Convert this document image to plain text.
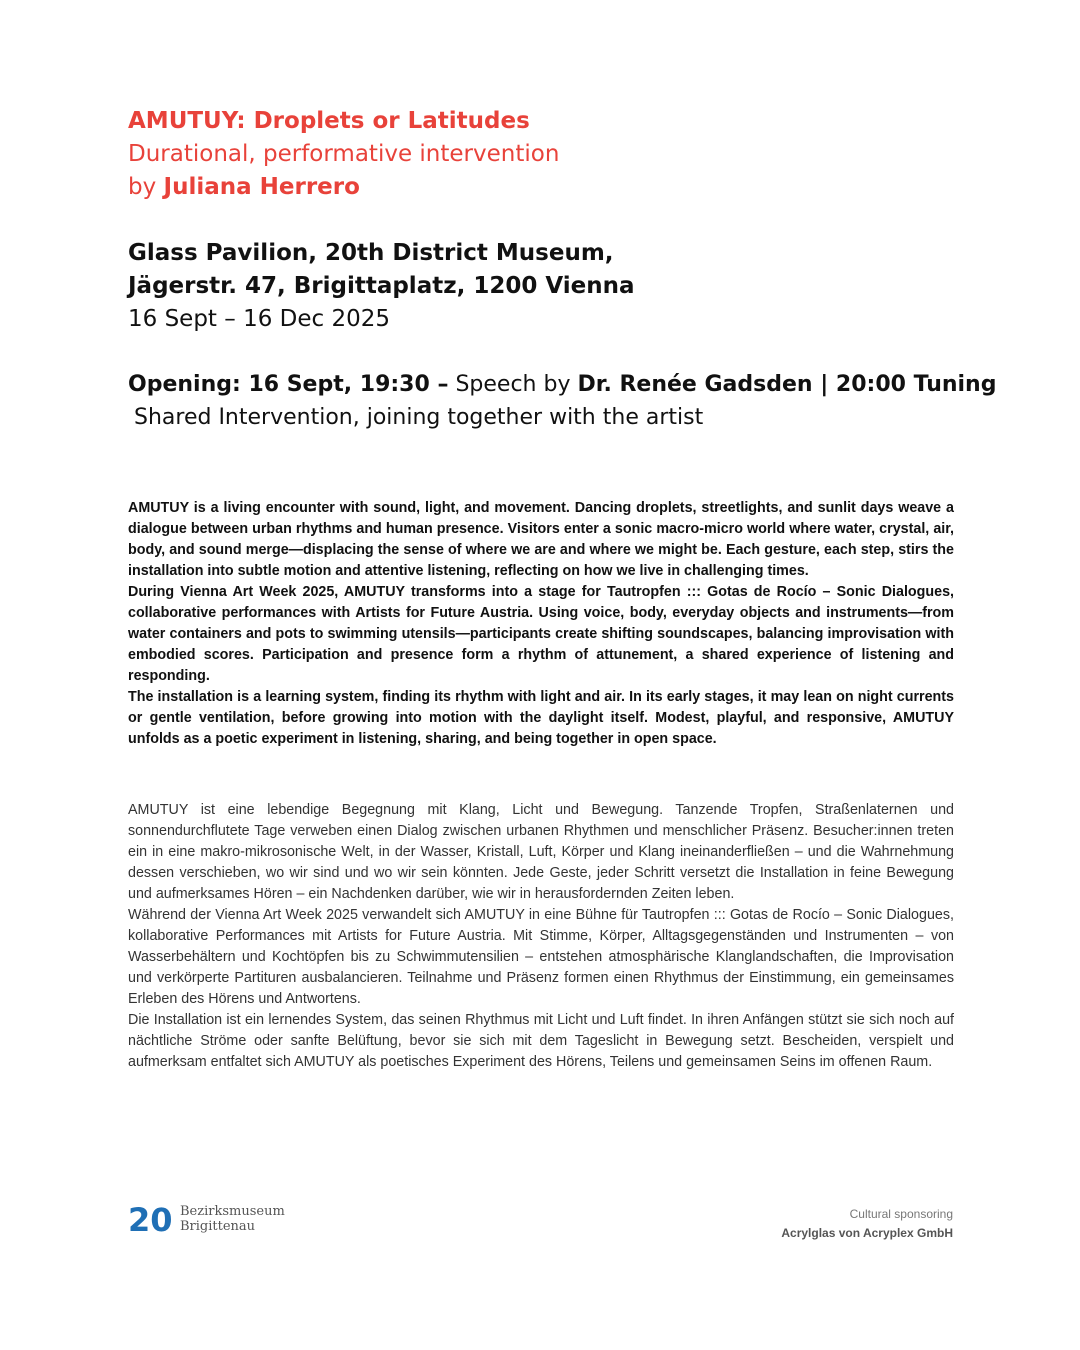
AMUTUY: Droplets or Latitudes

Durational, performative intervention

by Juliana Herrero

Glass Pavilion, 20th District Museum,

Jägerstr. 47, Brigittaplatz, 1200 Vienna

16 Sept – 16 Dec 2025

Opening: 16 Sept, 19:30 – Speech by Dr. Renée Gadsden | 20:00 Tuning

Shared Intervention, joining together with the artist

AMUTUY is a living encounter with sound, light, and movement. Dancing droplets, streetlights, and sunlit days weave a dialogue between urban rhythms and human presence. Visitors enter a sonic macro-micro world where water, crystal, air, body, and sound merge—displacing the sense of where we are and where we might be. Each gesture, each step, stirs the installation into subtle motion and attentive listening, reflecting on how we live in challenging times.

During Vienna Art Week 2025, AMUTUY transforms into a stage for Tautropfen ::: Gotas de Rocío – Sonic Dialogues, collaborative performances with Artists for Future Austria. Using voice, body, everyday objects and instruments—from water containers and pots to swimming utensils—participants create shifting soundscapes, balancing improvisation with embodied scores. Participation and presence form a rhythm of attunement, a shared experience of listening and responding.

The installation is a learning system, finding its rhythm with light and air. In its early stages, it may lean on night currents or gentle ventilation, before growing into motion with the daylight itself. Modest, playful, and responsive, AMUTUY unfolds as a poetic experiment in listening, sharing, and being together in open space.

AMUTUY ist eine lebendige Begegnung mit Klang, Licht und Bewegung. Tanzende Tropfen, Straßenlaternen und sonnendurchflutete Tage verweben einen Dialog zwischen urbanen Rhythmen und menschlicher Präsenz. Besucher:innen treten ein in eine makro-mikrosonische Welt, in der Wasser, Kristall, Luft, Körper und Klang ineinanderfließen – und die Wahrnehmung dessen verschieben, wo wir sind und wo wir sein könnten. Jede Geste, jeder Schritt versetzt die Installation in feine Bewegung und aufmerksames Hören – ein Nachdenken darüber, wie wir in herausfordernden Zeiten leben.

Während der Vienna Art Week 2025 verwandelt sich AMUTUY in eine Bühne für Tautropfen ::: Gotas de Rocío – Sonic Dialogues, kollaborative Performances mit Artists for Future Austria. Mit Stimme, Körper, Alltagsgegenständen und Instrumenten – von Wasserbehältern und Kochtöpfen bis zu Schwimmutensilien – entstehen atmosphärische Klanglandschaften, die Improvisation und verkörperte Partituren ausbalancieren. Teilnahme und Präsenz formen einen Rhythmus der Einstimmung, ein gemeinsames Erleben des Hörens und Antwortens.

Die Installation ist ein lernendes System, das seinen Rhythmus mit Licht und Luft findet. In ihren Anfängen stützt sie sich noch auf nächtliche Ströme oder sanfte Belüftung, bevor sie sich mit dem Tageslicht in Bewegung setzt. Bescheiden, verspielt und aufmerksam entfaltet sich AMUTUY als poetisches Experiment des Hörens, Teilens und gemeinsamen Seins im offenen Raum.

20 Bezirksmuseum
Brigittenau
Cultural sponsoring
Acrylglas von Acryplex GmbH
